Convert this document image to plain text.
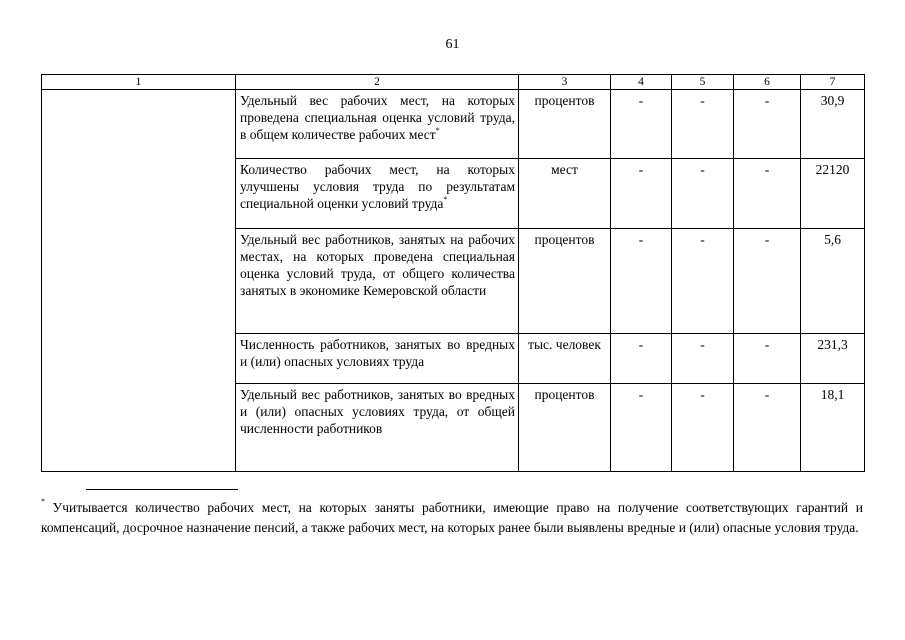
61
1	2	3	4	5	6	7
	Удельный вес рабочих мест, на которых проведена специальная оценка условий труда, в общем количестве рабочих мест*	процентов	-	-	-	30,9
	Количество рабочих мест, на которых улучшены условия труда по результатам специальной оценки условий труда*	мест	-	-	-	22120
	Удельный вес работников, занятых на рабочих местах, на которых проведена специальная оценка условий труда, от общего количества занятых в экономике Кемеровской области	процентов	-	-	-	5,6
	Численность работников, занятых во вредных и (или) опасных условиях труда	тыс. человек	-	-	-	231,3
	Удельный вес работников, занятых во вредных и (или) опасных условиях труда, от общей численности работников	процентов	-	-	-	18,1
* Учитывается количество рабочих мест, на которых заняты работники, имеющие право на получение соответствующих гарантий и компенсаций, досрочное назначение пенсий, а также рабочих мест, на которых ранее были выявлены вредные и (или) опасные условия труда.
